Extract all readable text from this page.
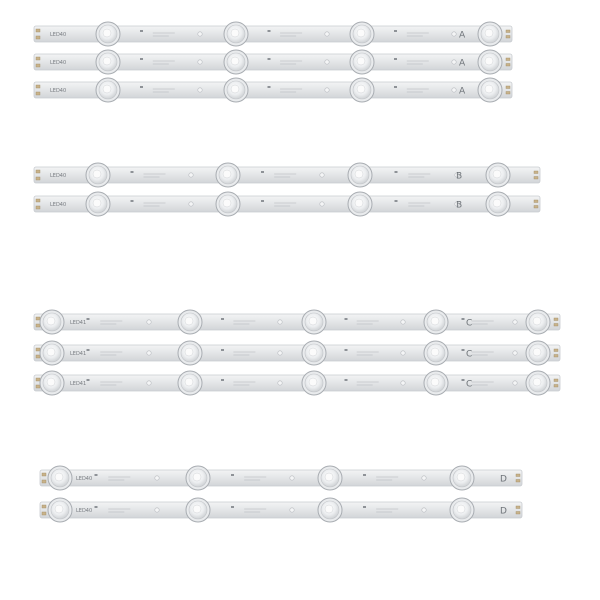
LED40	A
LED40	A
LED40	A
LED40	B
LED40	B
LED41	C
LED41	C
LED41	C
LED40	D
LED40	D
